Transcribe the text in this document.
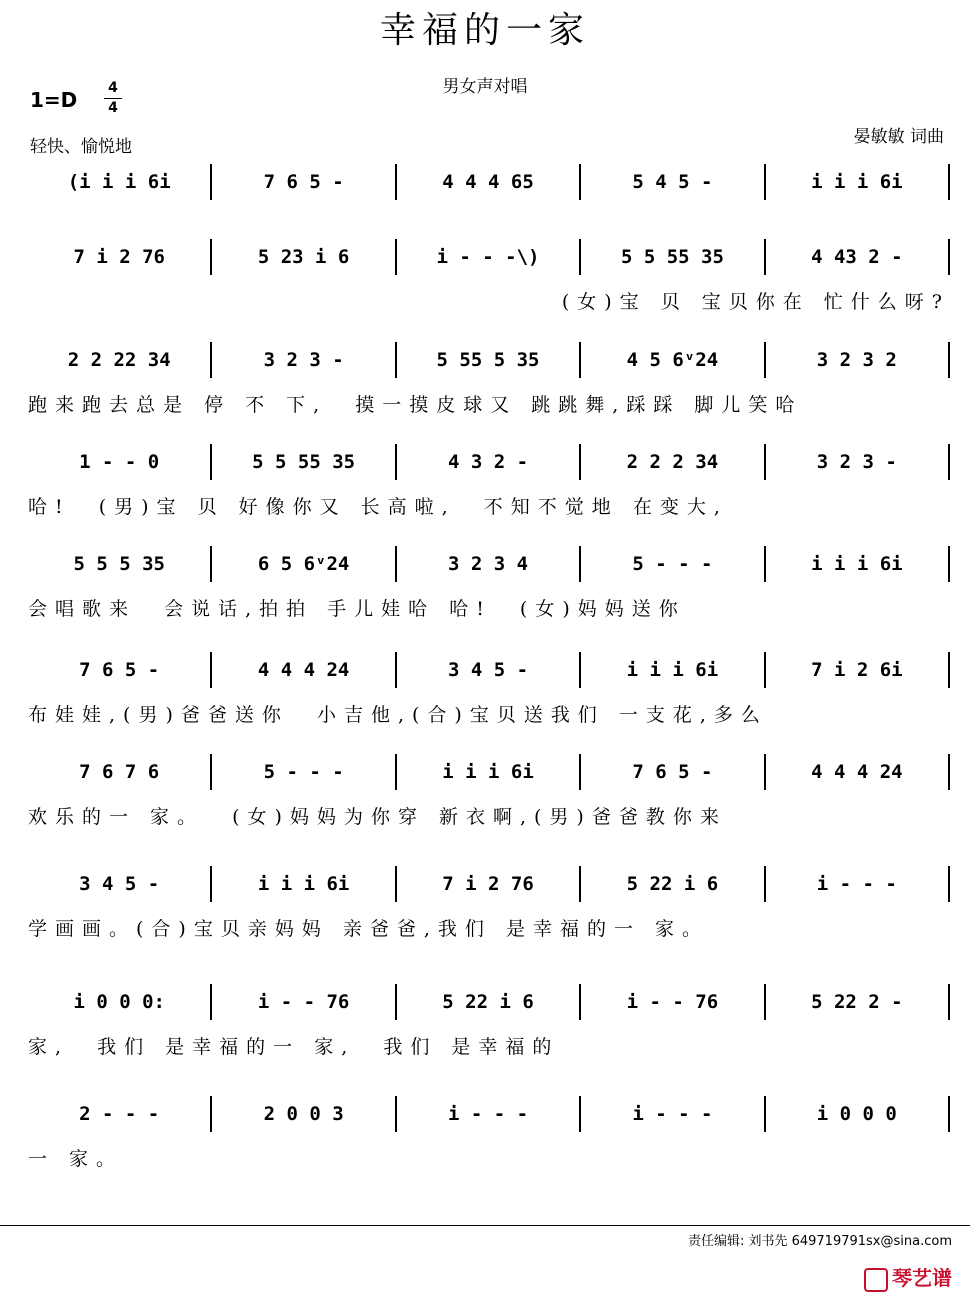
幸福的一家
男女声对唱
1=D 4
4
轻快、愉悦地	晏敏敏 词曲
(i i i 6i	7 6 5 -	4 4 4 65	5 4 5 -	i i i 6i
7 i 2 76	5 23 i 6	i - - -\)	5 5 55 35	4 43 2 -
(女)宝 贝 宝贝你在 忙什么呀?
2 2 22 34	3 2 3 -	5 55 5 35	4 5 6ᵛ24	3 2 3 2
跑来跑去总是 停 不 下,  摸一摸皮球又 跳跳舞,踩踩 脚儿笑哈
1 - - 0	5 5 55 35	4 3 2 -	2 2 2 34	3 2 3 -
哈!  (男)宝 贝 好像你又 长高啦,  不知不觉地 在变大,
5 5 5 35	6 5 6ᵛ24	3 2 3 4	5 - - -	i i i 6i
会唱歌来  会说话,拍拍 手儿娃哈 哈!  (女)妈妈送你
7 6 5 -	4 4 4 24	3 4 5 -	i i i 6i	7 i 2 6i
布娃娃,(男)爸爸送你  小吉他,(合)宝贝送我们 一支花,多么
7 6 7 6	5 - - -	i i i 6i	7 6 5 -	4 4 4 24
欢乐的一 家。  (女)妈妈为你穿 新衣啊,(男)爸爸教你来
3 4 5 -	i i i 6i	7 i 2 76	5 22 i 6	i - - -
学画画。(合)宝贝亲妈妈 亲爸爸,我们 是幸福的一 家。
i 0 0 0:	i - - 76	5 22 i 6	i - - 76	5 22 2 -
家,  我们 是幸福的一 家,  我们 是幸福的
2 - - -	2 0 0 3	i - - -	i - - -	i 0 0 0
一 家。
责任编辑: 刘书先 649719791sx@sina.com
琴艺谱
